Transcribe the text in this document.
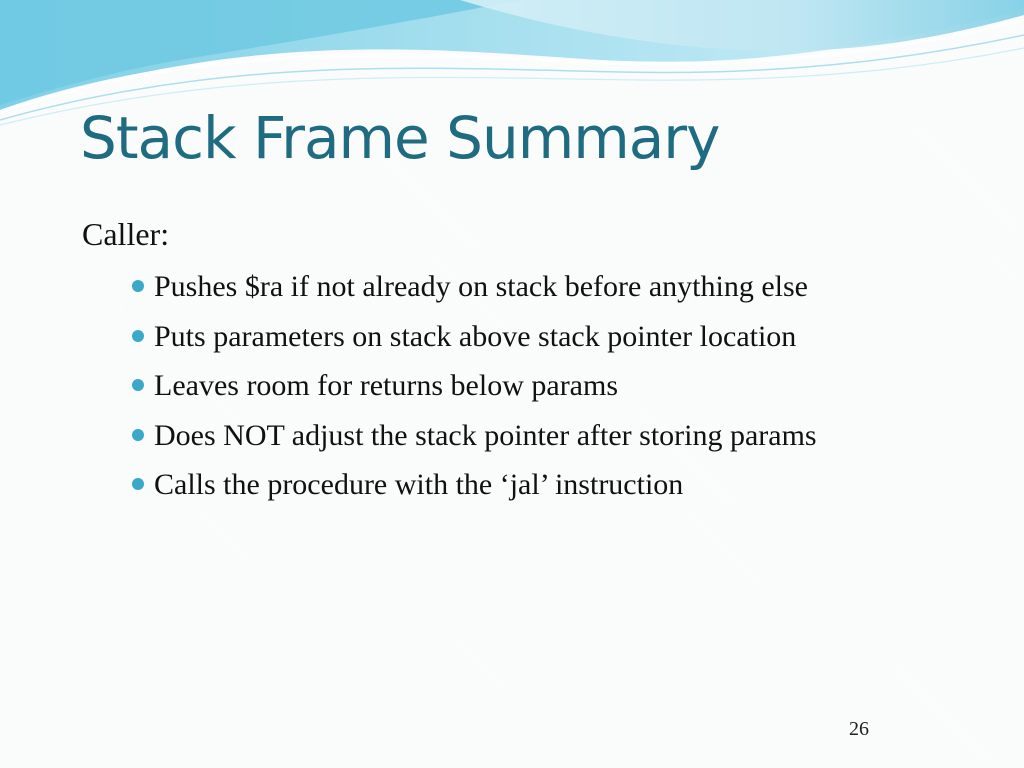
Stack Frame Summary
Caller:
Pushes $ra if not already on stack before anything else
Puts parameters on stack above stack pointer location
Leaves room for returns below params
Does NOT adjust the stack pointer after storing params
Calls the procedure with the ‘jal’ instruction
26
